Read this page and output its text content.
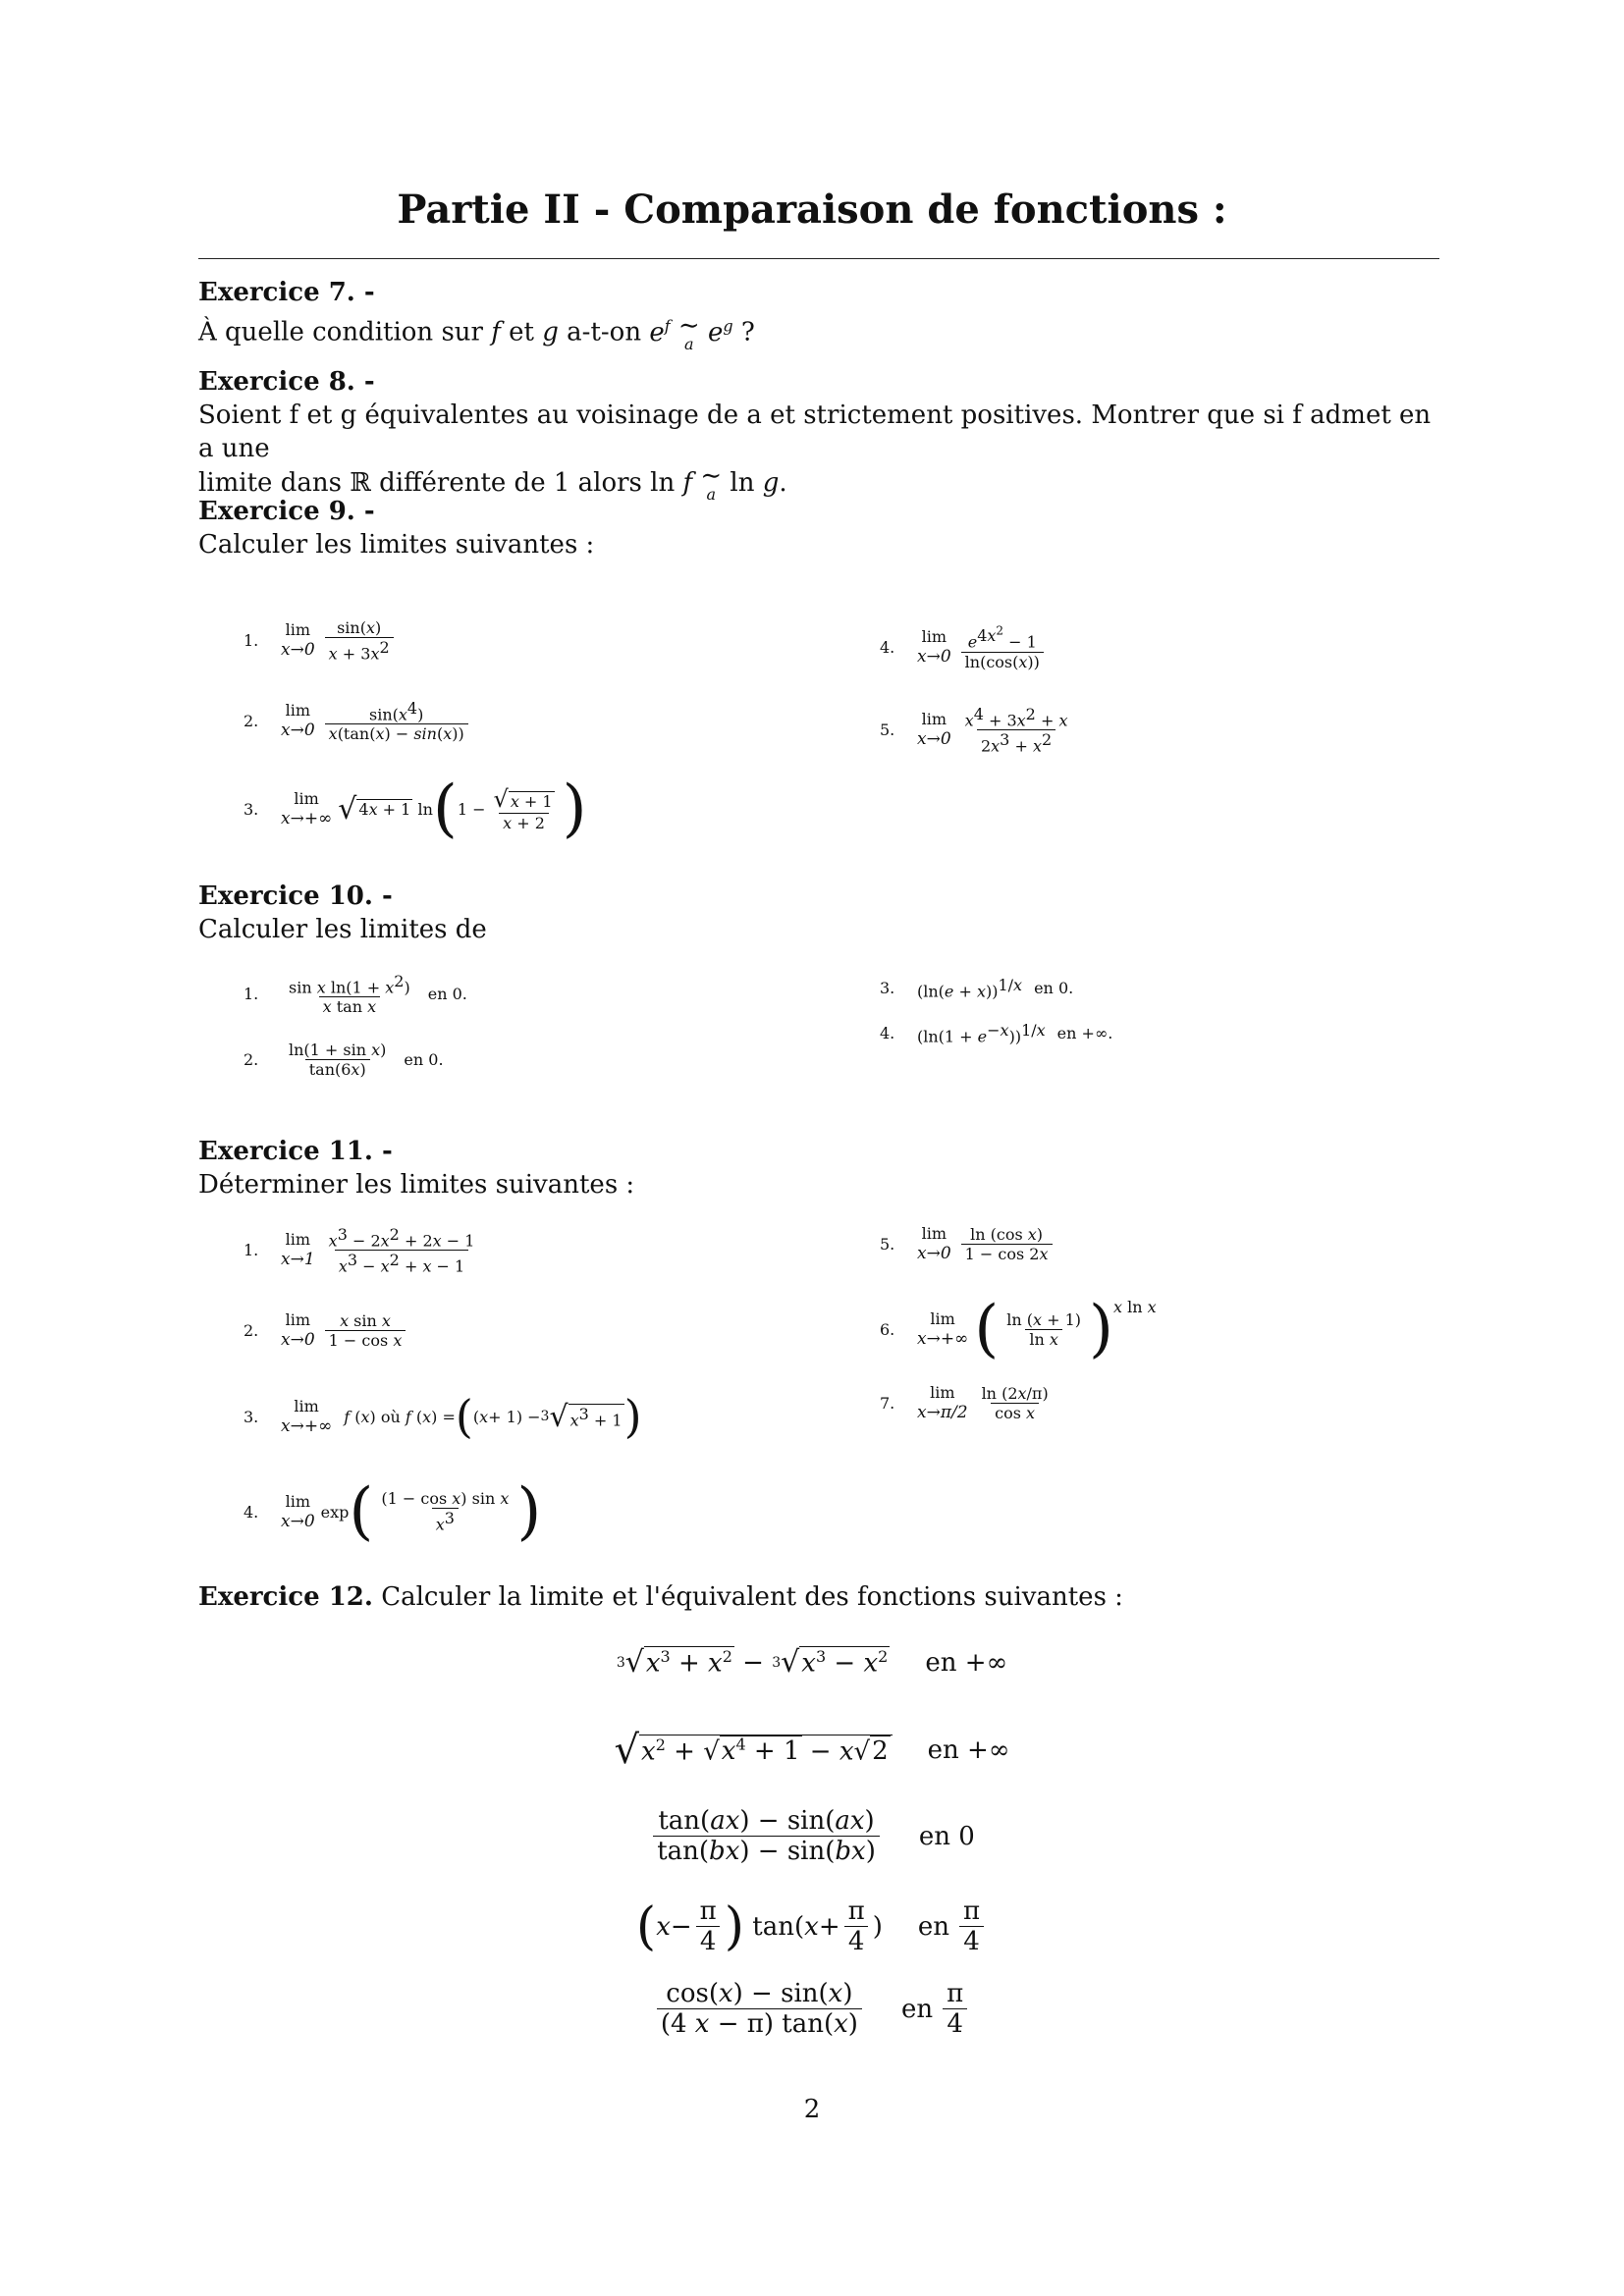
Partie II - Comparaison de fonctions :
Exercice 7. -
À quelle condition sur f et g a-t-on $e^f$ ∼
a $e^g$ ?
Exercice 8. -
Soient f et g équivalentes au voisinage de a et strictement positives. Montrer que si f admet en a une
limite dans ℝ différente de 1 alors ln f ∼
a ln g.
Exercice 9. -
Calculer les limites suivantes :
1.
lim
$x\to 0 \frac{\sin(x)}{x + 3x^2}$
2.
lim
$x\to 0 \frac{\sin(x^4)}{x(\tan(x) - \sin(x))}$
3.
lim
x→+∞ √ 4x + 1 ln ( $1 - \frac{√ x + 1}{x + 2}$ )
4.
lim
$x\to 0 \frac{e^{4x^2} - 1}{\ln(\cos(x))}$
5.
lim
$x\to 0 \frac{x^4 + 3x^2 + x}{2x^3 + x^2}$
Exercice 10. -
Calculer les limites de
1.	$\frac{\sin x \ln(1 + x^2)}{\text{x tan x}}$ en 0.
2.	$\frac{\text{ln(1 + sin x)}}{\tan(6x)}$ en 0.
3.	$(\ln(e + x))^{1/x}$ en 0.
4.	$(\ln(1 + e^{-x}))^{1/x}$ en +∞.
Exercice 11. -
Déterminer les limites suivantes :
1.
lim
$x\to 1 \frac{x^3 - 2x^2 + 2x - 1}{x^3 - x^2 + x - 1}$
2.
lim
$x\to 0 \frac{\text{x sin x}}{\text{1 − cos x}}$
3.
lim
x→+∞ f (x) où f (x) = ( ( x + 1) − 3 √ $x^3 + 1$ )
4.
lim
x→0 exp ( $\frac{\text{(1 − cos x) sin x}}{x^3}$ )
5.
lim
$x\to 0 \frac{\text{ln (cos x)}}{1 - \cos 2x}$
6.
lim
x→+∞ ( $\frac{\ln (x + 1)}{\text{ln x}}$ ) x ln x
7.
lim
$x\to\pi/2 \frac{\ln (2x/\pi)}{\text{cos x}}$
Exercice 12. Calculer la limite et l'équivalent des fonctions suivantes :
3 √ $x^3 + x^2 - 3$ √ $x^3 - x^2$ en +∞
√ $x^2 + √x^4 + 1 - x√2$ en +∞
$\frac{\tan(ax) - \sin(ax)}{\tan(bx) - \sin(bx)}$ en 0
( $x - \frac{\pi}{4}$ ) tan( $x + \frac{\pi}{4}$ ) en $\frac{\pi}{4}$
$\frac{\cos(x) - \sin(x)}{(4 x - \pi) \tan(x)}$ en $\frac{\pi}{4}$
2
